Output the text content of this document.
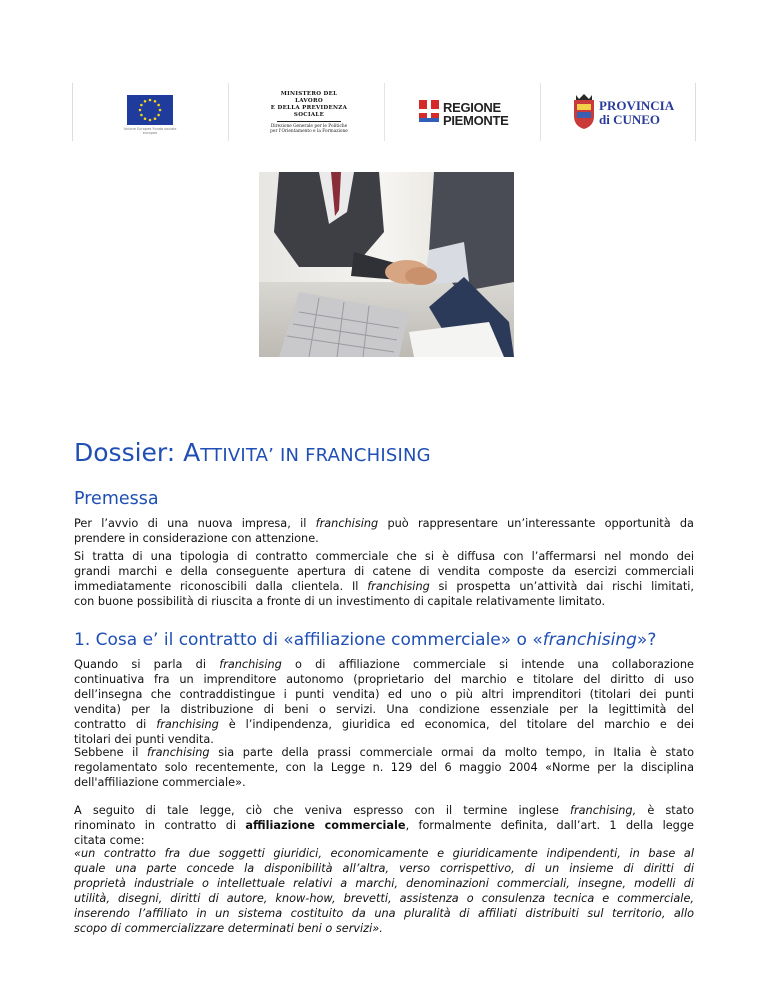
Unione Europea Fondo sociale europeo
MINISTERO DEL LAVORO
E DELLA PREVIDENZA SOCIALE
Direzione Generale per le Politiche per l'Orientamento e la Formazione
REGIONE
PIEMONTE
PROVINCIA
di CUNEO
Dossier: ATTIVITA’ IN FRANCHISING
Premessa
Per l’avvio di una nuova impresa, il franchising può rappresentare un’interessante opportunità da
prendere in considerazione con attenzione.
Si tratta di una tipologia di contratto commerciale che si è diffusa con l’affermarsi nel mondo dei
grandi marchi e della conseguente apertura di catene di vendita composte da esercizi commerciali
immediatamente riconoscibili dalla clientela. Il franchising si prospetta un’attività dai rischi limitati,
con buone possibilità di riuscita a fronte di un investimento di capitale relativamente limitato.
1. Cosa e’ il contratto di «affiliazione commerciale» o «franchising»?
Quando si parla di franchising o di affiliazione commerciale si intende una collaborazione
continuativa fra un imprenditore autonomo (proprietario del marchio e titolare del diritto di uso
dell’insegna che contraddistingue i punti vendita) ed uno o più altri imprenditori (titolari dei punti
vendita) per la distribuzione di beni o servizi. Una condizione essenziale per la legittimità del
contratto di franchising è l’indipendenza, giuridica ed economica, del titolare del marchio e dei
titolari dei punti vendita.
Sebbene il franchising sia parte della prassi commerciale ormai da molto tempo, in Italia è stato
regolamentato solo recentemente, con la Legge n. 129 del 6 maggio 2004 «Norme per la disciplina
dell'affiliazione commerciale».
A seguito di tale legge, ciò che veniva espresso con il termine inglese franchising, è stato
rinominato in contratto di affiliazione commerciale, formalmente definita, dall’art. 1 della legge
citata come:
«un contratto fra due soggetti giuridici, economicamente e giuridicamente indipendenti, in base al
quale una parte concede la disponibilità all’altra, verso corrispettivo, di un insieme di diritti di
proprietà industriale o intellettuale relativi a marchi, denominazioni commerciali, insegne, modelli di
utilità, disegni, diritti di autore, know-how, brevetti, assistenza o consulenza tecnica e commerciale,
inserendo l’affiliato in un sistema costituito da una pluralità di affiliati distribuiti sul territorio, allo
scopo di commercializzare determinati beni o servizi».
